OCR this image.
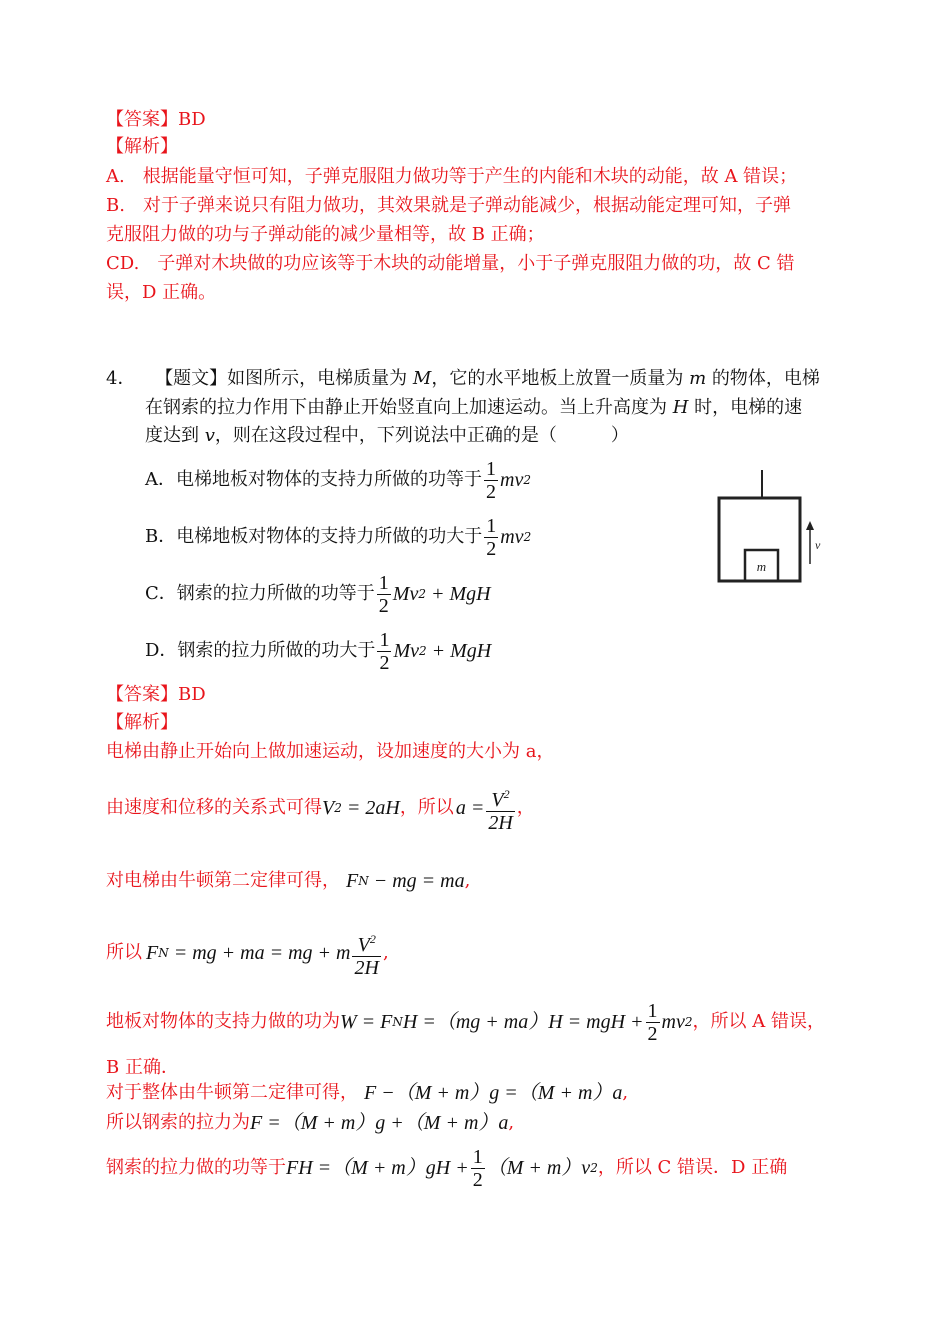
【答案】BD
【解析】
A.　根据能量守恒可知，子弹克服阻力做功等于产生的内能和木块的动能，故 A 错误；
B.　对于子弹来说只有阻力做功，其效果就是子弹动能减少，根据动能定理可知，子弹
克服阻力做的功与子弹动能的减少量相等，故 B 正确；
CD.　子弹对木块做的功应该等于木块的动能增量，小于子弹克服阻力做的功，故 C 错
误，D 正确。
4． 【题文】如图所示，电梯质量为 M，它的水平地板上放置一质量为 m 的物体，电梯
在钢索的拉力作用下由静止开始竖直向上加速运动。当上升高度为 H 时，电梯的速
度达到 v，则在这段过程中，下列说法中正确的是（　　　）
A．电梯地板对物体的支持力所做的功等于 $\frac{1}{2}$ mv 2
B．电梯地板对物体的支持力所做的功大于 $\frac{1}{2}$ mv 2
C．钢索的拉力所做的功等于 $\frac{1}{2}$ Mv 2 + MgH
D．钢索的拉力所做的功大于 $\frac{1}{2}$ Mv 2 + MgH
m
v
【答案】BD
【解析】
电梯由静止开始向上做加速运动，设加速度的大小为 a，
由速度和位移的关系式可得 V 2 = 2aH ，所以 $a = \frac{V^2}{2H}$ ，
对电梯由牛顿第二定律可得， F N − mg = ma ,
所以 F N = mg + ma = mg + m $\frac{V^2}{2H}$ ,
地板对物体的支持力做的功为 W = F N H =（mg + ma）H = mgH + $\frac{1}{2}$ mv 2 ，所以 A 错误，
B 正确．
对于整体由牛顿第二定律可得， F −（M + m）g =（M + m）a ,
所以钢索的拉力为 F =（M + m）g +（M + m）a ,
钢索的拉力做的功等于 FH $=(M + m)gH + \frac{1}{2} (M + m)v$ 2 ，所以 C 错误．D 正确
